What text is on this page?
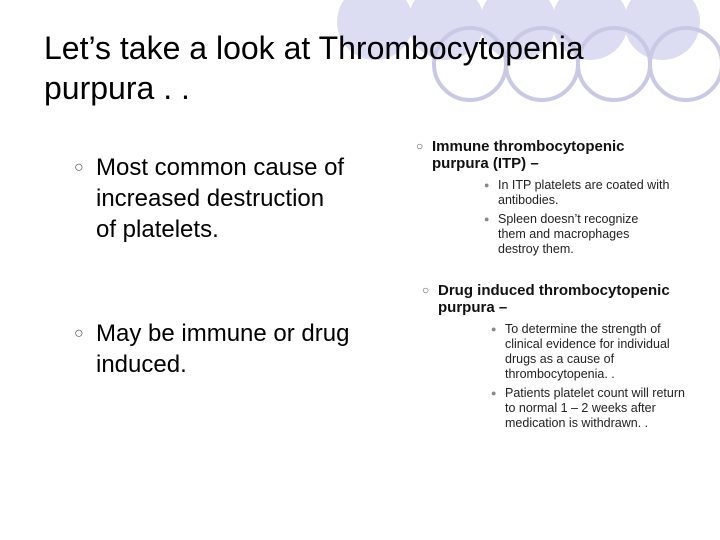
Let’s take a look at Thrombocytopenia purpura . .
○ Most common cause of increased destruction of platelets.
○ May be immune or drug induced.
○ Immune thrombocytopenic purpura (ITP) –
● In ITP platelets are coated with antibodies.
● Spleen doesn’t recognize them and macrophages destroy them.
○ Drug induced thrombocytopenic purpura –
● To determine the strength of clinical evidence for individual drugs as a cause of thrombocytopenia. .
● Patients platelet count will return to normal 1 – 2 weeks after medication is withdrawn. .
